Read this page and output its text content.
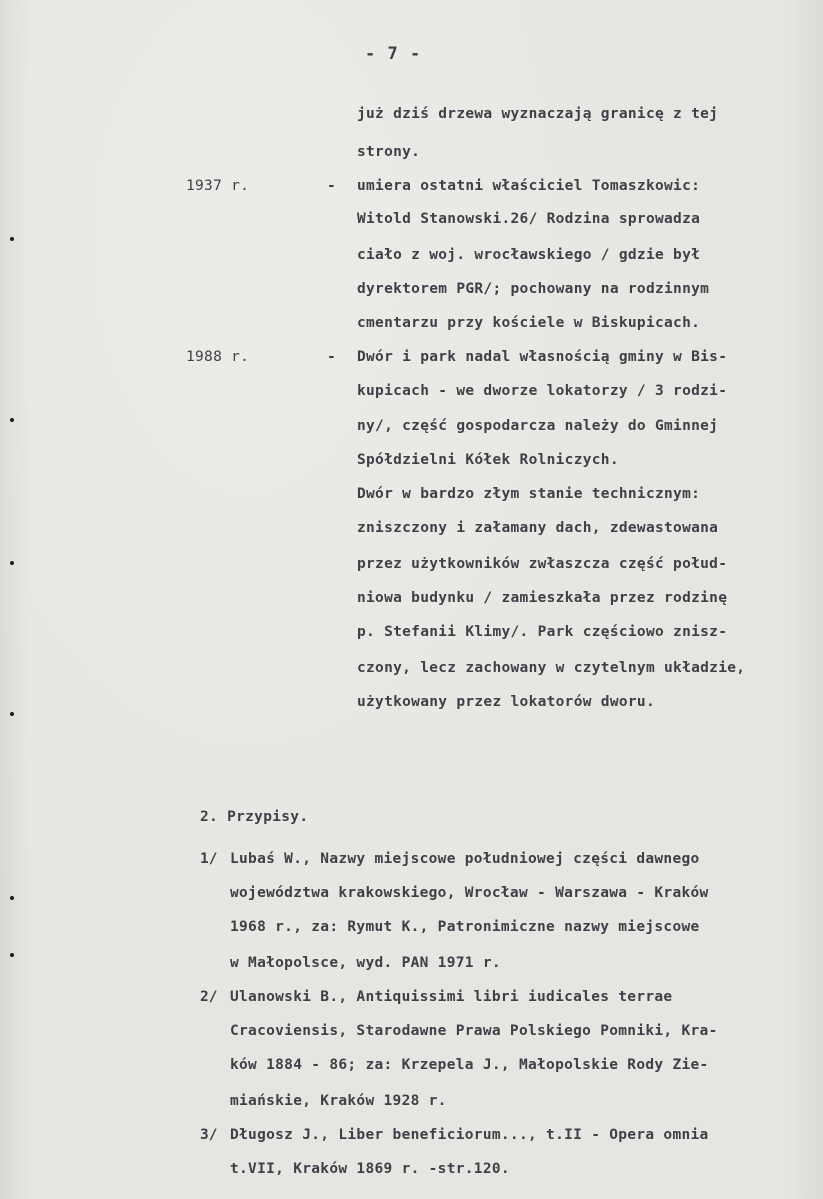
- 7 -
już dziś drzewa wyznaczają granicę z tej
strony.
1937 r.	- umiera ostatni właściciel Tomaszkowic:
Witold Stanowski.26/ Rodzina sprowadza
ciało z woj. wrocławskiego / gdzie był
dyrektorem PGR/; pochowany na rodzinnym
cmentarzu przy kościele w Biskupicach.
1988 r.	- Dwór i park nadal własnością gminy w Bis-
kupicach - we dworze lokatorzy / 3 rodzi-
ny/, część gospodarcza należy do Gminnej
Spółdzielni Kółek Rolniczych.
Dwór w bardzo złym stanie technicznym:
zniszczony i załamany dach, zdewastowana
przez użytkowników zwłaszcza część połud-
niowa budynku / zamieszkała przez rodzinę
p. Stefanii Klimy/. Park częściowo znisz-
czony, lecz zachowany w czytelnym układzie,
użytkowany przez lokatorów dworu.
2. Przypisy.
1/ Lubaś W., Nazwy miejscowe południowej części dawnego
województwa krakowskiego, Wrocław - Warszawa - Kraków
1968 r., za: Rymut K., Patronimiczne nazwy miejscowe
w Małopolsce, wyd. PAN 1971 r.
2/ Ulanowski B., Antiquissimi libri iudicales terrae
Cracoviensis, Starodawne Prawa Polskiego Pomniki, Kra-
ków 1884 - 86; za: Krzepela J., Małopolskie Rody Zie-
miańskie, Kraków 1928 r.
3/ Długosz J., Liber beneficiorum..., t.II - Opera omnia
t.VII, Kraków 1869 r. -str.120.
